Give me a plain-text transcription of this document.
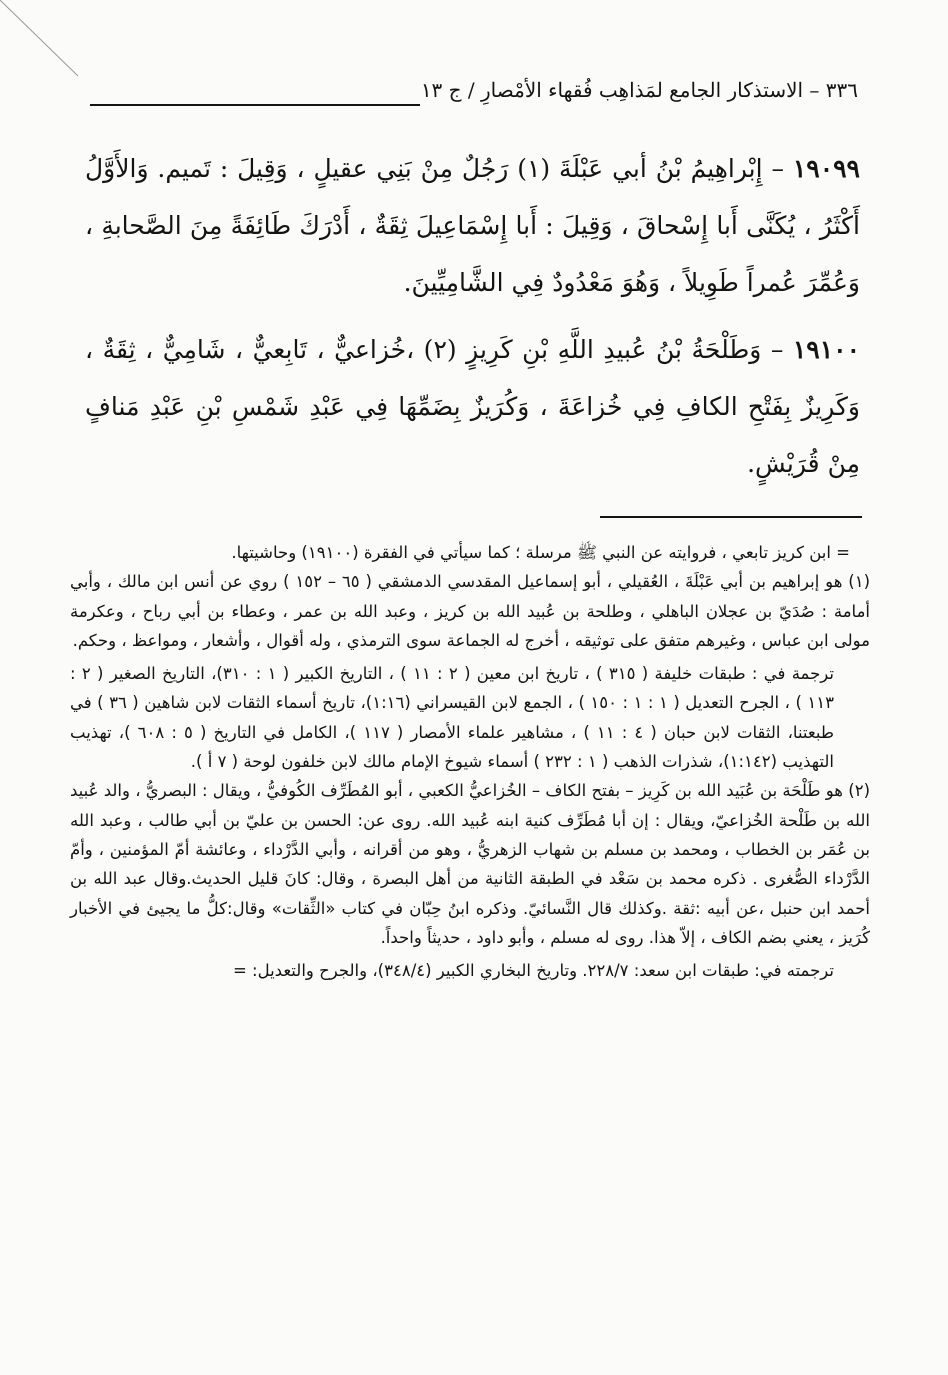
٣٣٦ – الاستذكار الجامع لمَذاهِب فُقهاء الأمْصارِ / ج ١٣

١٩٠٩٩ – إِبْراهِيمُ بْنُ أبي عَبْلَةَ (١) رَجُلٌ مِنْ بَنِي عقيلٍ ، وَقِيلَ : تَميم. وَالأَوَّلُ أَكْثَرُ ، يُكَنَّى أَبا إِسْحاقَ ، وَقِيلَ : أَبا إِسْمَاعِيلَ ثِقَةٌ ، أَدْرَكَ طَائِفَةً مِنَ الصَّحابةِ ، وَعُمِّرَ عُمراً طَوِيلاً ، وَهُوَ مَعْدُودٌ فِي الشَّامِيِّينَ.

١٩١٠٠ – وَطَلْحَةُ بْنُ عُبيدِ اللَّهِ بْنِ كَرِيزٍ (٢) ،خُزاعيٌّ ، تَابِعيٌّ ، شَامِيٌّ ، ثِقَةٌ ، وَكَرِيزٌ بِفَتْحِ الكافِ فِي خُزاعَةَ ، وَكُرَيزٌ بِضَمِّهَا فِي عَبْدِ شَمْسِ بْنِ عَبْدِ مَنافٍ مِنْ قُرَيْشٍ.

= ابن كريز تابعي ، فروايته عن النبي ﷺ مرسلة ؛ كما سيأتي في الفقرة (١٩١٠٠) وحاشيتها.

(١) هو إبراهيم بن أبي عَبْلَةَ ، العُقيلي ، أبو إسماعيل المقدسي الدمشقي ( ٦٥ – ١٥٢ ) روي عن أنس ابن مالك ، وأبي أمامة : صُدَيّ بن عجلان الباهلي ، وطلحة بن عُبيد الله بن كريز ، وعبد الله بن عمر ، وعطاء بن أبي رباح ، وعكرمة مولى ابن عباس ، وغيرهم متفق على توثيقه ، أخرج له الجماعة سوى الترمذي ، وله أقوال ، وأشعار ، ومواعظ ، وحكم.

ترجمة في : طبقات خليفة ( ٣١٥ ) ، تاريخ ابن معين ( ٢ : ١١ ) ، التاريخ الكبير ( ١ : ٣١٠)، التاريخ الصغير ( ٢ : ١١٣ ) ، الجرح التعديل ( ١ : ١ : ١٥٠ ) ، الجمع لابن القيسراني (١:١٦)، تاريخ أسماء الثقات لابن شاهين ( ٣٦ ) في طبعتنا، الثقات لابن حبان ( ٤ : ١١ ) ، مشاهير علماء الأمصار ( ١١٧ )، الكامل في التاريخ ( ٥ : ٦٠٨ )، تهذيب التهذيب (١:١٤٢)، شذرات الذهب ( ١ : ٢٣٢ ) أسماء شيوخ الإمام مالك لابن خلفون لوحة ( ٧ أ ).

(٢) هو طَلْحَة بن عُبَيد الله بن كَرِيز – بفتح الكاف – الخُزاعيُّ الكعبي ، أبو المُطَرِّف الكُوفيُّ ، ويقال : البصريُّ ، والد عُبيد الله بن طَلْحة الخُزاعيّ، ويقال : إن أبا مُطَرِّف كنية ابنه عُبيد الله. روى عن: الحسن بن عليّ بن أبي طالب ، وعبد الله بن عُمَر بن الخطاب ، ومحمد بن مسلم بن شهاب الزهريُّ ، وهو من أقرانه ، وأبي الدَّرْداء ، وعائشة أمّ المؤمنين ، وأمّ الدَّرْداء الصُّغرى . ذكره محمد بن سَعْد في الطبقة الثانية من أهل البصرة ، وقال: كانَ قليل الحديث.وقال عبد الله بن أحمد ابن حنبل ،عن أبيه :ثقة .وكذلك قال النَّسائيّ. وذكره ابنُ حِبّان في كتاب «الثِّقات» وقال:كلُّ ما يجيئ في الأخبار كُرَيز ، يعني بضم الكاف ، إلاّ هذا. روى له مسلم ، وأبو داود ، حديثاً واحداً.

ترجمته في: طبقات ابن سعد: ٢٢٨/٧. وتاريخ البخاري الكبير (٣٤٨/٤)، والجرح والتعديل: =
